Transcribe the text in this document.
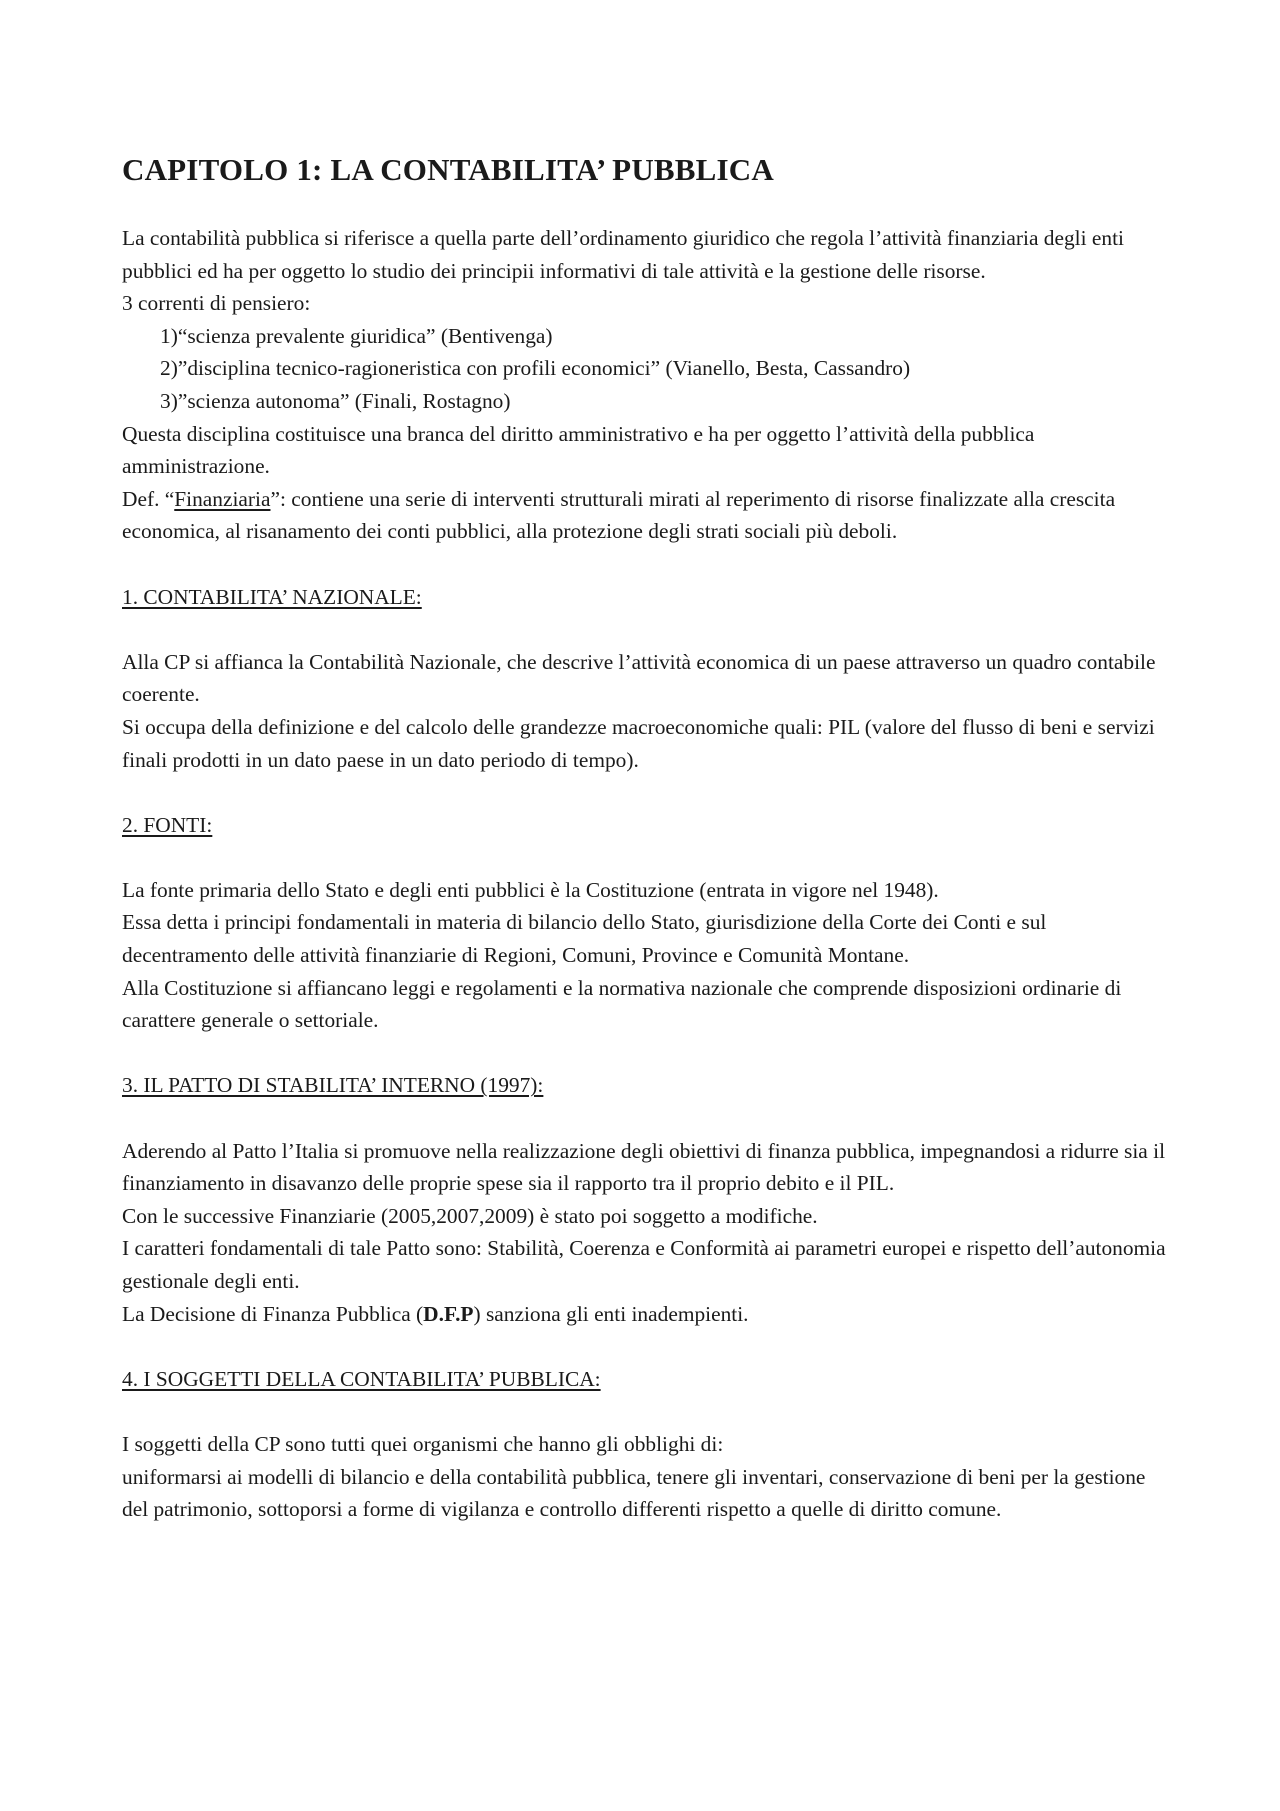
CAPITOLO 1: LA CONTABILITA’ PUBBLICA

La contabilità pubblica si riferisce a quella parte dell’ordinamento giuridico che regola l’attività finanziaria degli enti pubblici ed ha per oggetto lo studio dei principii informativi di tale attività e la gestione delle risorse.

3 correnti di pensiero:

1)“scienza prevalente giuridica” (Bentivenga)

2)”disciplina tecnico-ragioneristica con profili economici” (Vianello, Besta, Cassandro)

3)”scienza autonoma” (Finali, Rostagno)

Questa disciplina costituisce una branca del diritto amministrativo e ha per oggetto l’attività della pubblica amministrazione.

Def. “Finanziaria”: contiene una serie di interventi strutturali mirati al reperimento di risorse finalizzate alla crescita economica, al risanamento dei conti pubblici, alla protezione degli strati sociali più deboli.

1. CONTABILITA’ NAZIONALE:

Alla CP si affianca la Contabilità Nazionale, che descrive l’attività economica di un paese attraverso un quadro contabile coerente.

Si occupa della definizione e del calcolo delle grandezze macroeconomiche quali: PIL (valore del flusso di beni e servizi finali prodotti in un dato paese in un dato periodo di tempo).

2. FONTI:

La fonte primaria dello Stato e degli enti pubblici è la Costituzione (entrata in vigore nel 1948).

Essa detta i principi fondamentali in materia di bilancio dello Stato, giurisdizione della Corte dei Conti e sul decentramento delle attività finanziarie di Regioni, Comuni, Province e Comunità Montane.

Alla Costituzione si affiancano leggi e regolamenti e la normativa nazionale che comprende disposizioni ordinarie di carattere generale o settoriale.

3. IL PATTO DI STABILITA’ INTERNO (1997):

Aderendo al Patto l’Italia si promuove nella realizzazione degli obiettivi di finanza pubblica, impegnandosi a ridurre sia il finanziamento in disavanzo delle proprie spese sia il rapporto tra il proprio debito e il PIL.

Con le successive Finanziarie (2005,2007,2009) è stato poi soggetto a modifiche.

I caratteri fondamentali di tale Patto sono: Stabilità, Coerenza e Conformità ai parametri europei e rispetto dell’autonomia gestionale degli enti.

La Decisione di Finanza Pubblica (D.F.P) sanziona gli enti inadempienti.

4. I SOGGETTI DELLA CONTABILITA’ PUBBLICA:

I soggetti della CP sono tutti quei organismi che hanno gli obblighi di:

uniformarsi ai modelli di bilancio e della contabilità pubblica, tenere gli inventari, conservazione di beni per la gestione del patrimonio, sottoporsi a forme di vigilanza e controllo differenti rispetto a quelle di diritto comune.
